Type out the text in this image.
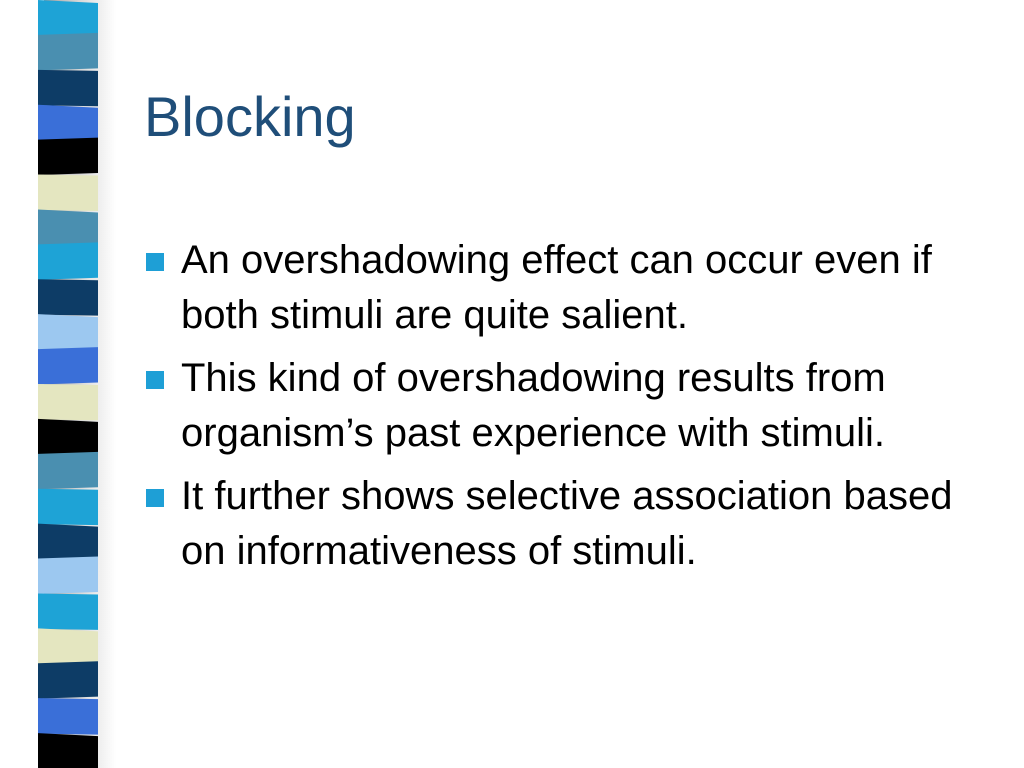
Blocking
An overshadowing effect can occur even if both stimuli are quite salient.
This kind of overshadowing results from organism’s past experience with stimuli.
It further shows selective association based on informativeness of stimuli.
